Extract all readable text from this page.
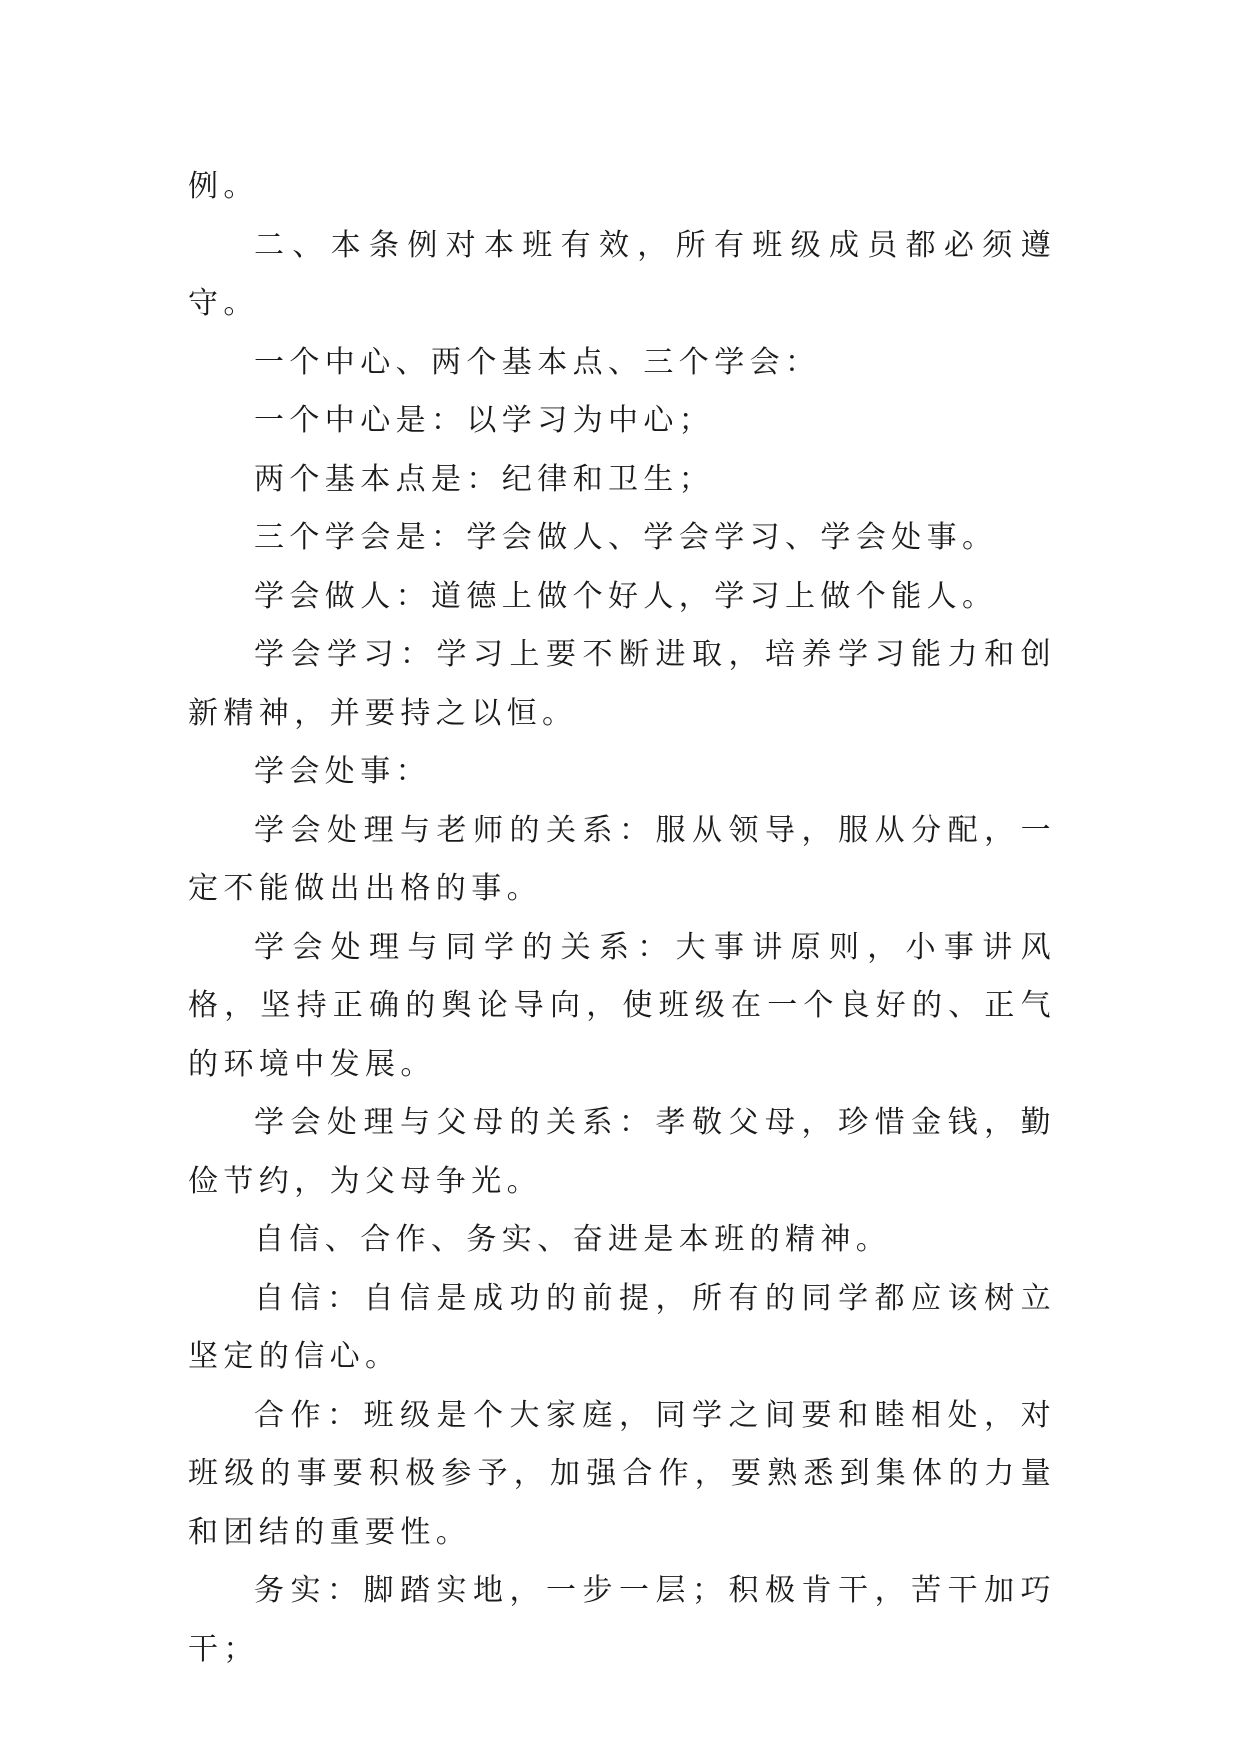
例。

二、本条例对本班有效，所有班级成员都必须遵守。

一个中心、两个基本点、三个学会：

一个中心是：以学习为中心；

两个基本点是：纪律和卫生；

三个学会是：学会做人、学会学习、学会处事。

学会做人：道德上做个好人，学习上做个能人。

学会学习：学习上要不断进取，培养学习能力和创新精神，并要持之以恒。

学会处事：

学会处理与老师的关系：服从领导，服从分配，一定不能做出出格的事。

学会处理与同学的关系：大事讲原则，小事讲风格，坚持正确的舆论导向，使班级在一个良好的、正气的环境中发展。

学会处理与父母的关系：孝敬父母，珍惜金钱，勤俭节约，为父母争光。

自信、合作、务实、奋进是本班的精神。

自信：自信是成功的前提，所有的同学都应该树立坚定的信心。

合作：班级是个大家庭，同学之间要和睦相处，对班级的事要积极参予，加强合作，要熟悉到集体的力量和团结的重要性。

务实：脚踏实地，一步一层；积极肯干，苦干加巧干；
